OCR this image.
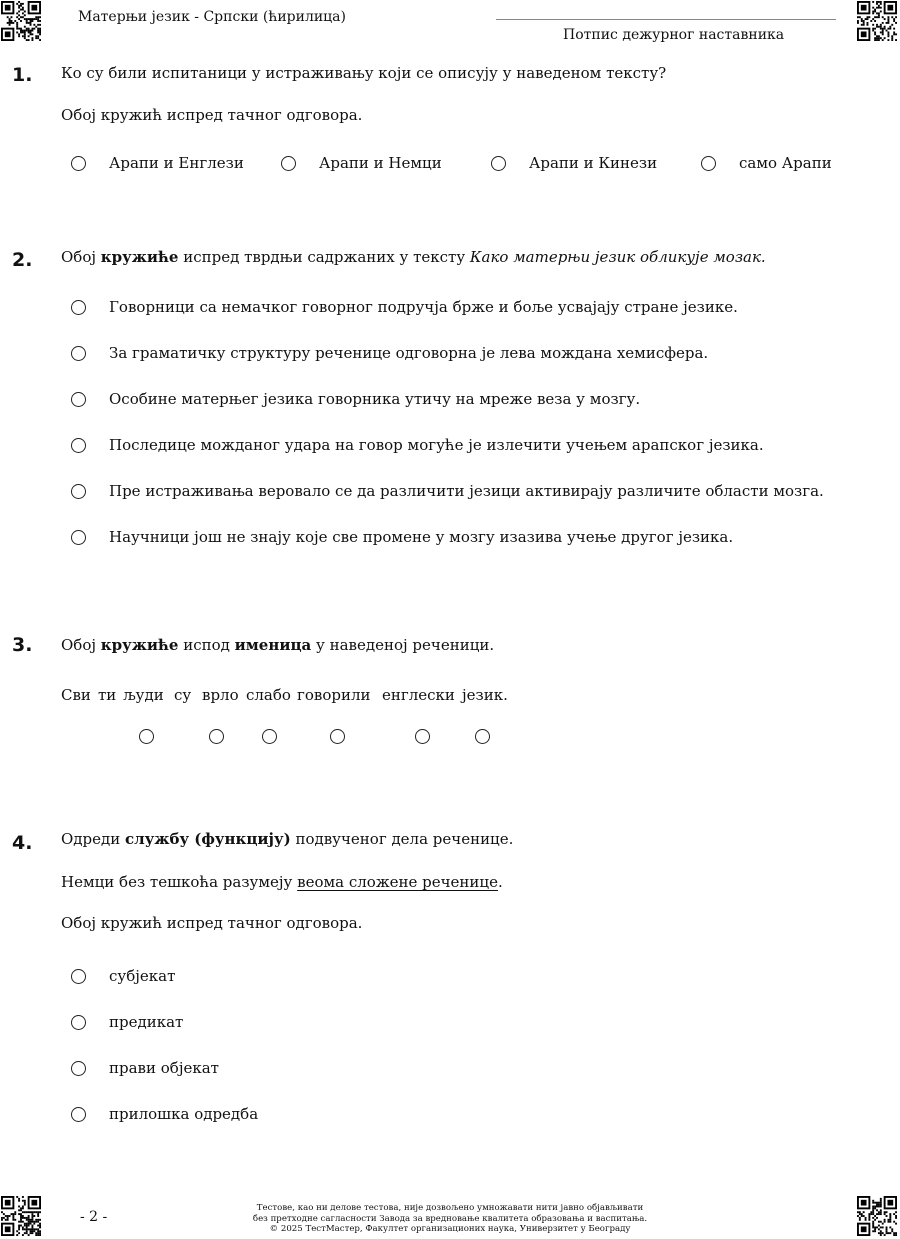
Матерњи језик - Српски (ћирилица)
Потпис дежурног наставника
1. Ко су били испитаници у истраживању који се описују у наведеном тексту?
Обој кружић испред тачног одговора.
Арапи и Енглези	Арапи и Немци	Арапи и Кинези	само Арапи
2. Обој кружиће испред тврдњи садржаних у тексту Како матерњи језик обликује мозак.
Говорници са немачког говорног подручја брже и боље усвајају стране језике.
За граматичку структуру реченице одговорна је лева мождана хемисфера.
Особине матерњег језика говорника утичу на мреже веза у мозгу.
Последице можданог удара на говор могуће је излечити учењем арапског језика.
Пре истраживања веровало се да различити језици активирају различите области мозга.
Научници још не знају које све промене у мозгу изазива учење другог језика.
3. Обој кружиће испод именица у наведеној реченици.
Сви ти људи су врло слабо говорили енглески језик.
4. Одреди службу (функцију) подвученог дела реченице.
Немци без тешкоћа разумеју веома сложене реченице.
Обој кружић испред тачног одговора.
субјекат
предикат
прави објекат
прилошка одредба
- 2 -
Тестове, као ни делове тестова, није дозвољено умножавати нити јавно објављивати
без претходне сагласности Завода за вредновање квалитета образовања и васпитања.
© 2025 ТестМастер, Факултет организационих наука, Универзитет у Београду
